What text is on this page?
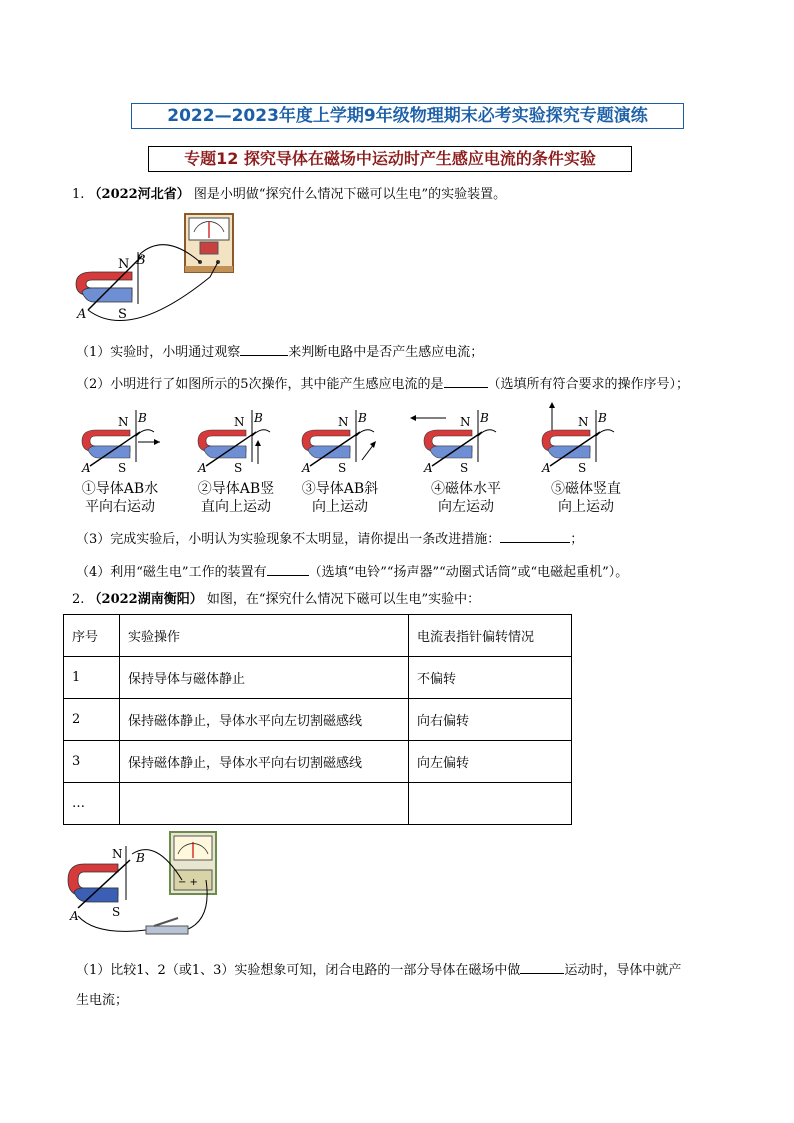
2022—2023年度上学期9年级物理期末必考实验探究专题演练
专题12 探究导体在磁场中运动时产生感应电流的条件实验
1. （2022河北省） 图是小明做“探究什么情况下磁可以生电”的实验装置。
N B
A S
（1）实验时，小明通过观察	来判断电路中是否产生感应电流；
（2）小明进行了如图所示的5次操作，其中能产生感应电流的是	（选填所有符合要求的操作序号）；
N B
A S
①导体AB水
平向右运动
N B
A S
②导体AB竖
直向上运动
N B
A S
③导体AB斜
向上运动
N B
A S
④磁体水平
向左运动
N B
A S
⑤磁体竖直
向上运动
（3）完成实验后，小明认为实验现象不太明显，请你提出一条改进措施：	；
（4）利用“磁生电”工作的装置有	（选填“电铃”“扬声器”“动圈式话筒”或“电磁起重机”）。
2. （2022湖南衡阳） 如图，在“探究什么情况下磁可以生电”实验中：
序号	实验操作	电流表指针偏转情况
1	保持导体与磁体静止	不偏转
2	保持磁体静止，导体水平向左切割磁感线	向右偏转
3	保持磁体静止，导体水平向右切割磁感线	向左偏转
…		
− +
N B
A	S
（1）比较1、2（或1、3）实验想象可知，闭合电路的一部分导体在磁场中做	运动时，导体中就产
生电流；
